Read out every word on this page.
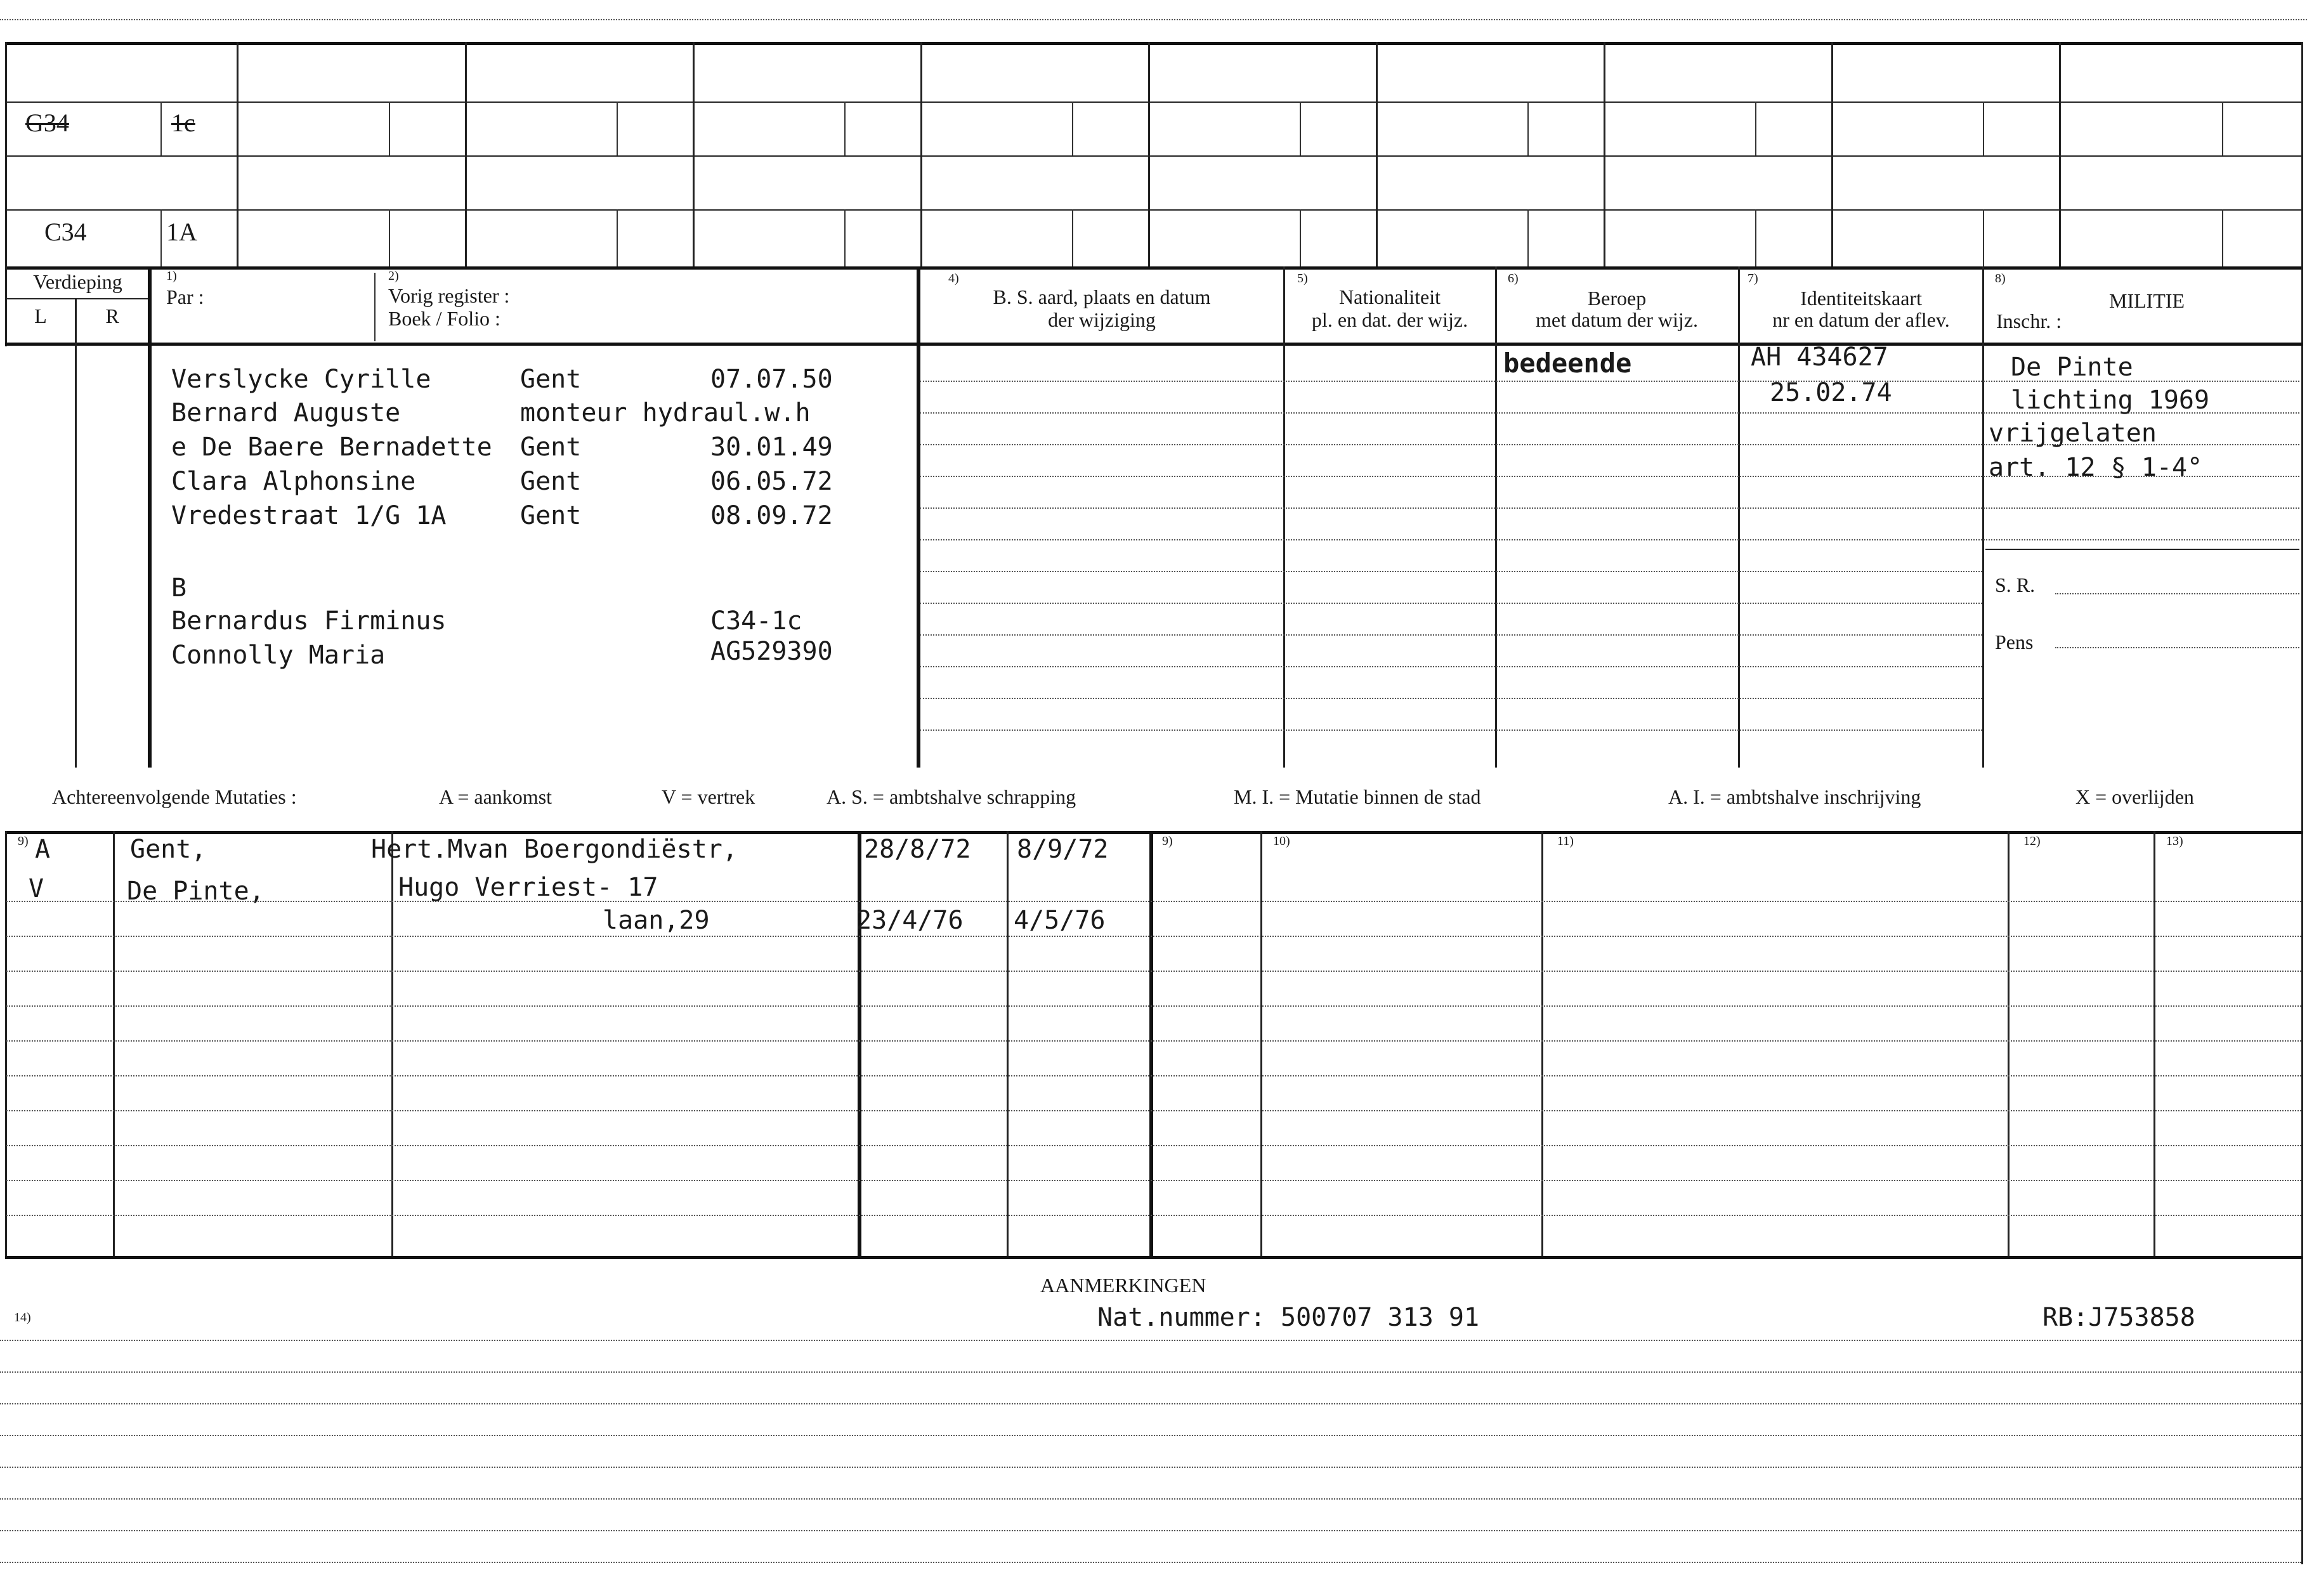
G34	1c
C34	1A
Verdieping
L	R
1)
Par :
2)
Vorig register :
Boek / Folio :
4)
B. S. aard, plaats en datum
der wijziging
5)
Nationaliteit
pl. en dat. der wijz.
6)
Beroep
met datum der wijz.
7)
Identiteitskaart
nr en datum der aflev.
8)
Inschr. :
MILITIE
Verslycke Cyrille	Gent	07.07.50
Bernard Auguste	monteur hydraul.w.h
e De Baere Bernadette Gent	30.01.49
Clara Alphonsine	Gent	06.05.72
Vredestraat 1/G 1A	Gent	08.09.72
B
Bernardus Firminus	C34-1c
Connolly Maria	AG529390
bedeende	AH 434627
25.02.74
De Pinte
lichting 1969
vrijgelaten
art. 12 § 1-4°
S. R.
Pens
Achtereenvolgende Mutaties :	A = aankomst	V = vertrek	A. S. = ambtshalve schrapping	M. I. = Mutatie binnen de stad	A. I. = ambtshalve inschrijving	X = overlijden
9)	9)	10)	11)	12)	13)
A	Gent,	Hert.Mvan Boergondiëstr,	28/8/72 8/9/72
V	De Pinte,	Hugo Verriest- 17
laan,29	23/4/76 4/5/76
AANMERKINGEN
14)	Nat.nummer: 500707 313 91	RB:J753858
